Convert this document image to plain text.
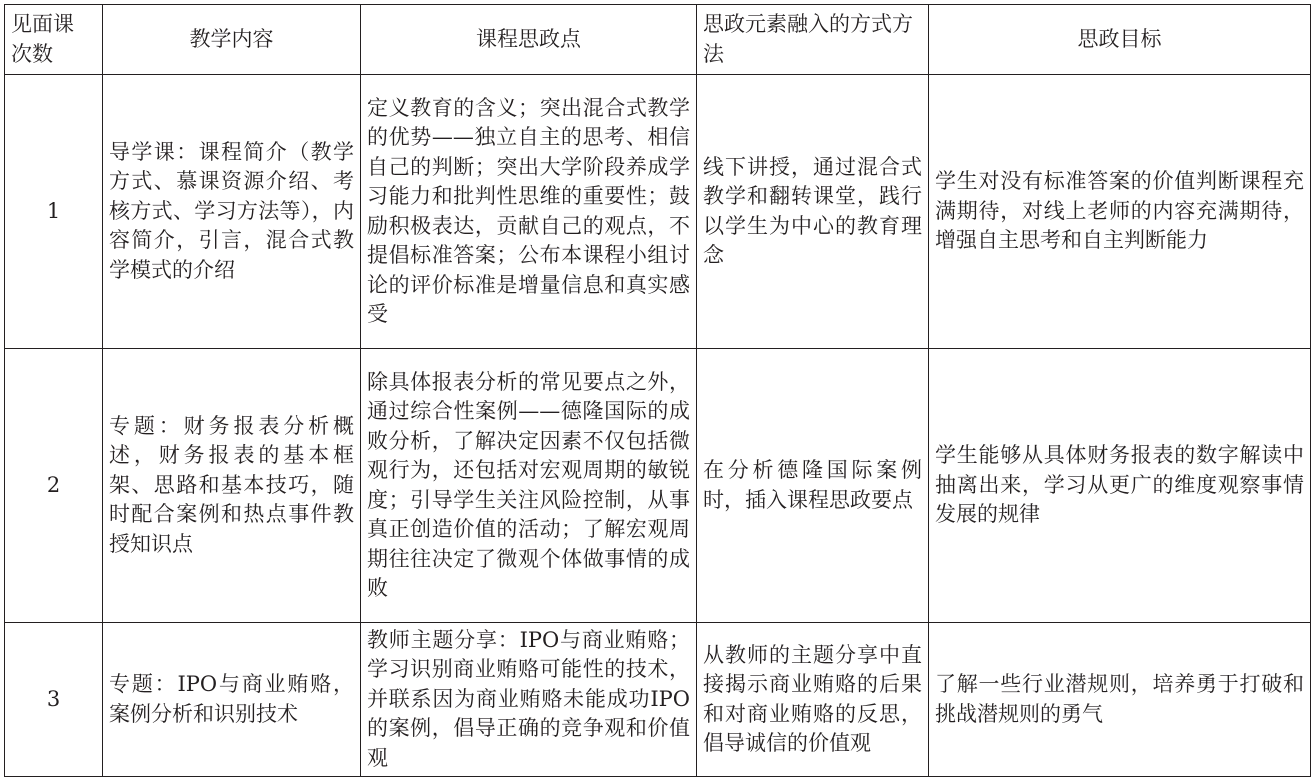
见面课
次数	教学内容	课程思政点	思政元素融入的方式方法	思政目标
1	导学课：课程简介（教学方式、慕课资源介绍、考核方式、学习方法等），内容简介，引言，混合式教学模式的介绍	定义教育的含义；突出混合式教学的优势——独立自主的思考、相信自己的判断；突出大学阶段养成学习能力和批判性思维的重要性；鼓励积极表达，贡献自己的观点，不提倡标准答案；公布本课程小组讨论的评价标准是增量信息和真实感受	线下讲授，通过混合式教学和翻转课堂，践行以学生为中心的教育理念	学生对没有标准答案的价值判断课程充满期待，对线上老师的内容充满期待，增强自主思考和自主判断能力
2	专题：财务报表分析概述，财务报表的基本框架、思路和基本技巧，随时配合案例和热点事件教授知识点	除具体报表分析的常见要点之外，通过综合性案例——德隆国际的成败分析，了解决定因素不仅包括微观行为，还包括对宏观周期的敏锐度；引导学生关注风险控制，从事真正创造价值的活动；了解宏观周期往往决定了微观个体做事情的成败	在分析德隆国际案例时，插入课程思政要点	学生能够从具体财务报表的数字解读中抽离出来，学习从更广的维度观察事情发展的规律
3	专题：IPO与商业贿赂，案例分析和识别技术	教师主题分享：IPO与商业贿赂；学习识别商业贿赂可能性的技术，并联系因为商业贿赂未能成功IPO的案例，倡导正确的竞争观和价值观	从教师的主题分享中直接揭示商业贿赂的后果和对商业贿赂的反思，倡导诚信的价值观	了解一些行业潜规则，培养勇于打破和挑战潜规则的勇气
